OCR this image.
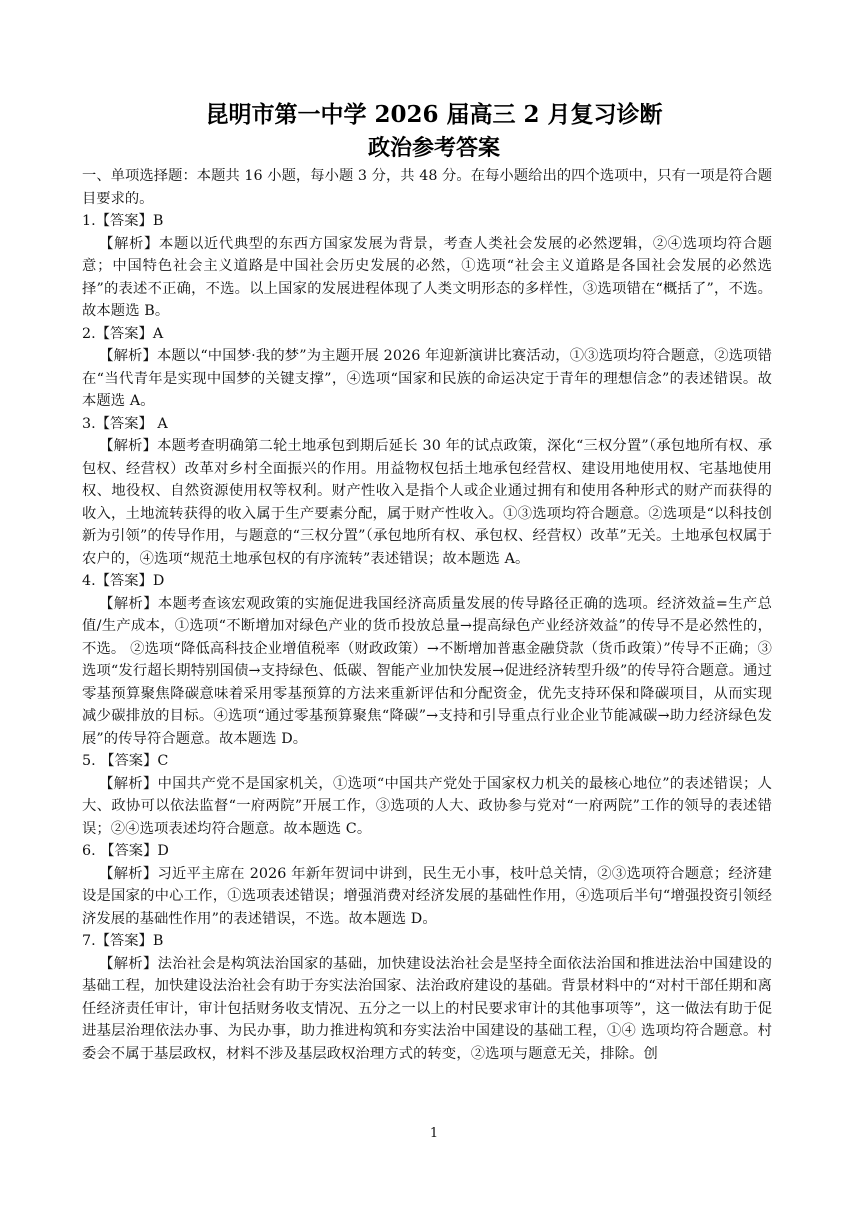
昆明市第一中学 2026 届高三 2 月复习诊断
政治参考答案

一、单项选择题：本题共 16 小题，每小题 3 分，共 48 分。在每小题给出的四个选项中，只有一项是符合题目要求的。

1.【答案】B

【解析】本题以近代典型的东西方国家发展为背景，考查人类社会发展的必然逻辑，②④选项均符合题意；中国特色社会主义道路是中国社会历史发展的必然，①选项“社会主义道路是各国社会发展的必然选择”的表述不正确，不选。以上国家的发展进程体现了人类文明形态的多样性，③选项错在“概括了”，不选。故本题选 B。

2.【答案】A

【解析】本题以“中国梦·我的梦”为主题开展 2026 年迎新演讲比赛活动，①③选项均符合题意，②选项错在“当代青年是实现中国梦的关键支撑”，④选项“国家和民族的命运决定于青年的理想信念”的表述错误。故本题选 A。

3.【答案】 A

【解析】本题考查明确第二轮土地承包到期后延长 30 年的试点政策，深化“三权分置”（承包地所有权、承包权、经营权）改革对乡村全面振兴的作用。用益物权包括土地承包经营权、建设用地使用权、宅基地使用权、地役权、自然资源使用权等权利。财产性收入是指个人或企业通过拥有和使用各种形式的财产而获得的收入，土地流转获得的收入属于生产要素分配，属于财产性收入。①③选项均符合题意。②选项是“以科技创新为引领”的传导作用，与题意的“三权分置”（承包地所有权、承包权、经营权）改革”无关。土地承包权属于农户的，④选项“规范土地承包权的有序流转”表述错误；故本题选 A。

4.【答案】D

【解析】本题考查该宏观政策的实施促进我国经济高质量发展的传导路径正确的选项。经济效益=生产总值/生产成本，①选项“不断增加对绿色产业的货币投放总量→提高绿色产业经济效益”的传导不是必然性的，不选。 ②选项“降低高科技企业增值税率（财政政策）→不断增加普惠金融贷款（货币政策）”传导不正确；③选项“发行超长期特别国债→支持绿色、低碳、智能产业加快发展→促进经济转型升级”的传导符合题意。通过零基预算聚焦降碳意味着采用零基预算的方法来重新评估和分配资金，优先支持环保和降碳项目，从而实现减少碳排放的目标。④选项“通过零基预算聚焦“降碳”→支持和引导重点行业企业节能减碳→助力经济绿色发展”的传导符合题意。故本题选 D。

5. 【答案】C

【解析】中国共产党不是国家机关，①选项“中国共产党处于国家权力机关的最核心地位”的表述错误；人大、政协可以依法监督“一府两院”开展工作，③选项的人大、政协参与党对“一府两院”工作的领导的表述错误；②④选项表述均符合题意。故本题选 C。

6. 【答案】D

【解析】习近平主席在 2026 年新年贺词中讲到，民生无小事，枝叶总关情，②③选项符合题意；经济建设是国家的中心工作，①选项表述错误；增强消费对经济发展的基础性作用，④选项后半句“增强投资引领经济发展的基础性作用”的表述错误，不选。故本题选 D。

7.【答案】B

【解析】法治社会是构筑法治国家的基础，加快建设法治社会是坚持全面依法治国和推进法治中国建设的基础工程，加快建设法治社会有助于夯实法治国家、法治政府建设的基础。背景材料中的“对村干部任期和离任经济责任审计，审计包括财务收支情况、五分之一以上的村民要求审计的其他事项等”，这一做法有助于促进基层治理依法办事、为民办事，助力推进构筑和夯实法治中国建设的基础工程，①④ 选项均符合题意。村委会不属于基层政权，材料不涉及基层政权治理方式的转变，②选项与题意无关，排除。创

1
